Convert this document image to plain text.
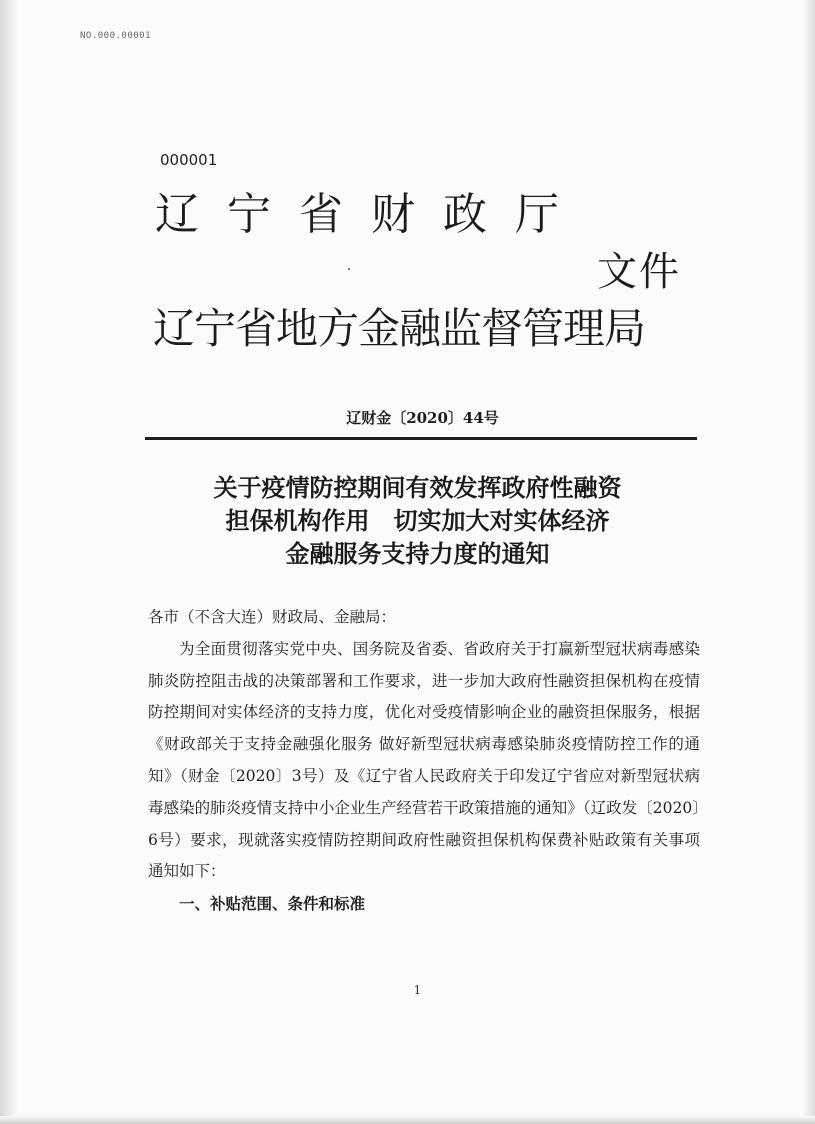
NO.000.00001
000001
辽宁省财政厅
文件
辽宁省地方金融监督管理局
辽财金〔2020〕44号
关于疫情防控期间有效发挥政府性融资
担保机构作用　切实加大对实体经济
金融服务支持力度的通知
各市（不含大连）财政局、金融局：
为全面贯彻落实党中央、国务院及省委、省政府关于打赢新型冠状病毒感染肺炎防控阻击战的决策部署和工作要求，进一步加大政府性融资担保机构在疫情防控期间对实体经济的支持力度，优化对受疫情影响企业的融资担保服务，根据《财政部关于支持金融强化服务 做好新型冠状病毒感染肺炎疫情防控工作的通知》（财金〔2020〕3号）及《辽宁省人民政府关于印发辽宁省应对新型冠状病毒感染的肺炎疫情支持中小企业生产经营若干政策措施的通知》（辽政发〔2020〕6号）要求，现就落实疫情防控期间政府性融资担保机构保费补贴政策有关事项通知如下：
一、补贴范围、条件和标准
1
